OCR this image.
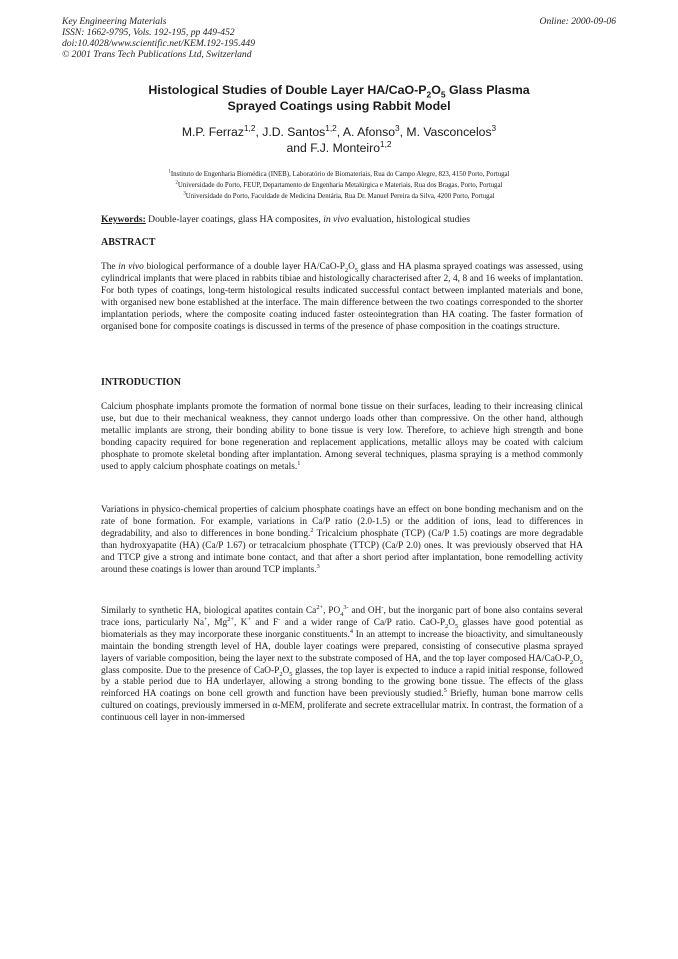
Key Engineering Materials
ISSN: 1662-9795, Vols. 192-195, pp 449-452
doi:10.4028/www.scientific.net/KEM.192-195.449
© 2001 Trans Tech Publications Ltd, Switzerland
Online: 2000-09-06
Histological Studies of Double Layer $HA/CaO-P_2O_5$ Glass Plasma
Sprayed Coatings using Rabbit Model
M.P. Ferraz$^{1,2}$, J.D. Santos$^{1,2}$, A. Afonso$^3$, M. Vasconcelos$^3$
and F.J. Monteiro$^{1,2}$
$^1$Instituto de Engenharia Biomédica (INEB), Laboratório de Biomateriais, Rua do Campo Alegre, 823, 4150 Porto, Portugal
$^2$Universidade do Porto, FEUP, Departamento de Engenharia Metalúrgica e Materiais, Rua dos Bragas, Porto, Portugal
$^3$Universidade do Porto, Faculdade de Medicina Dentária, Rua Dr. Manuel Pereira da Silva, 4200 Porto, Portugal
Keywords: Double-layer coatings, glass HA composites, in vivo evaluation, histological studies
ABSTRACT
The in vivo biological performance of a double layer $HA/CaO-P_2O_5$ glass and HA plasma sprayed coatings was assessed, using cylindrical implants that were placed in rabbits tibiae and histologically characterised after 2, 4, 8 and 16 weeks of implantation. For both types of coatings, long-term histological results indicated successful contact between implanted materials and bone, with organised new bone established at the interface. The main difference between the two coatings corresponded to the shorter implantation periods, where the composite coating induced faster osteointegration than HA coating. The faster formation of organised bone for composite coatings is discussed in terms of the presence of phase composition in the coatings structure.
INTRODUCTION
Calcium phosphate implants promote the formation of normal bone tissue on their surfaces, leading to their increasing clinical use, but due to their mechanical weakness, they cannot undergo loads other than compressive. On the other hand, although metallic implants are strong, their bonding ability to bone tissue is very low. Therefore, to achieve high strength and bone bonding capacity required for bone regeneration and replacement applications, metallic alloys may be coated with calcium phosphate to promote skeletal bonding after implantation. Among several techniques, plasma spraying is a method commonly used to apply calcium phosphate coatings on metals.$^1$
Variations in physico-chemical properties of calcium phosphate coatings have an effect on bone bonding mechanism and on the rate of bone formation. For example, variations in Ca/P ratio (2.0-1.5) or the addition of ions, lead to differences in degradability, and also to differences in bone bonding.$^2$ Tricalcium phosphate (TCP) (Ca/P 1.5) coatings are more degradable than hydroxyapatite (HA) (Ca/P 1.67) or tetracalcium phosphate (TTCP) (Ca/P 2.0) ones. It was previously observed that HA and TTCP give a strong and intimate bone contact, and that after a short period after implantation, bone remodelling activity around these coatings is lower than around TCP implants.$^3$
Similarly to synthetic HA, biological apatites contain $Ca^{2+}$, $PO_4^{3-}$ and OH-, but the inorganic part of bone also contains several trace ions, particularly Na+, $Mg^{2+}$, K+ and F- and a wider range of Ca/P ratio. CaO-$P_2O_5$ glasses have good potential as biomaterials as they may incorporate these inorganic constituents.$^4$ In an attempt to increase the bioactivity, and simultaneously maintain the bonding strength level of HA, double layer coatings were prepared, consisting of consecutive plasma sprayed layers of variable composition, being the layer next to the substrate composed of HA, and the top layer composed $HA/CaO-P_2O_5$ glass composite. Due to the presence of CaO-$P_2O_5$ glasses, the top layer is expected to induce a rapid initial response, followed by a stable period due to HA underlayer, allowing a strong bonding to the growing bone tissue. The effects of the glass reinforced HA coatings on bone cell growth and function have been previously studied.$^5$ Briefly, human bone marrow cells cultured on coatings, previously immersed in α-MEM, proliferate and secrete extracellular matrix. In contrast, the formation of a continuous cell layer in non-immersed
